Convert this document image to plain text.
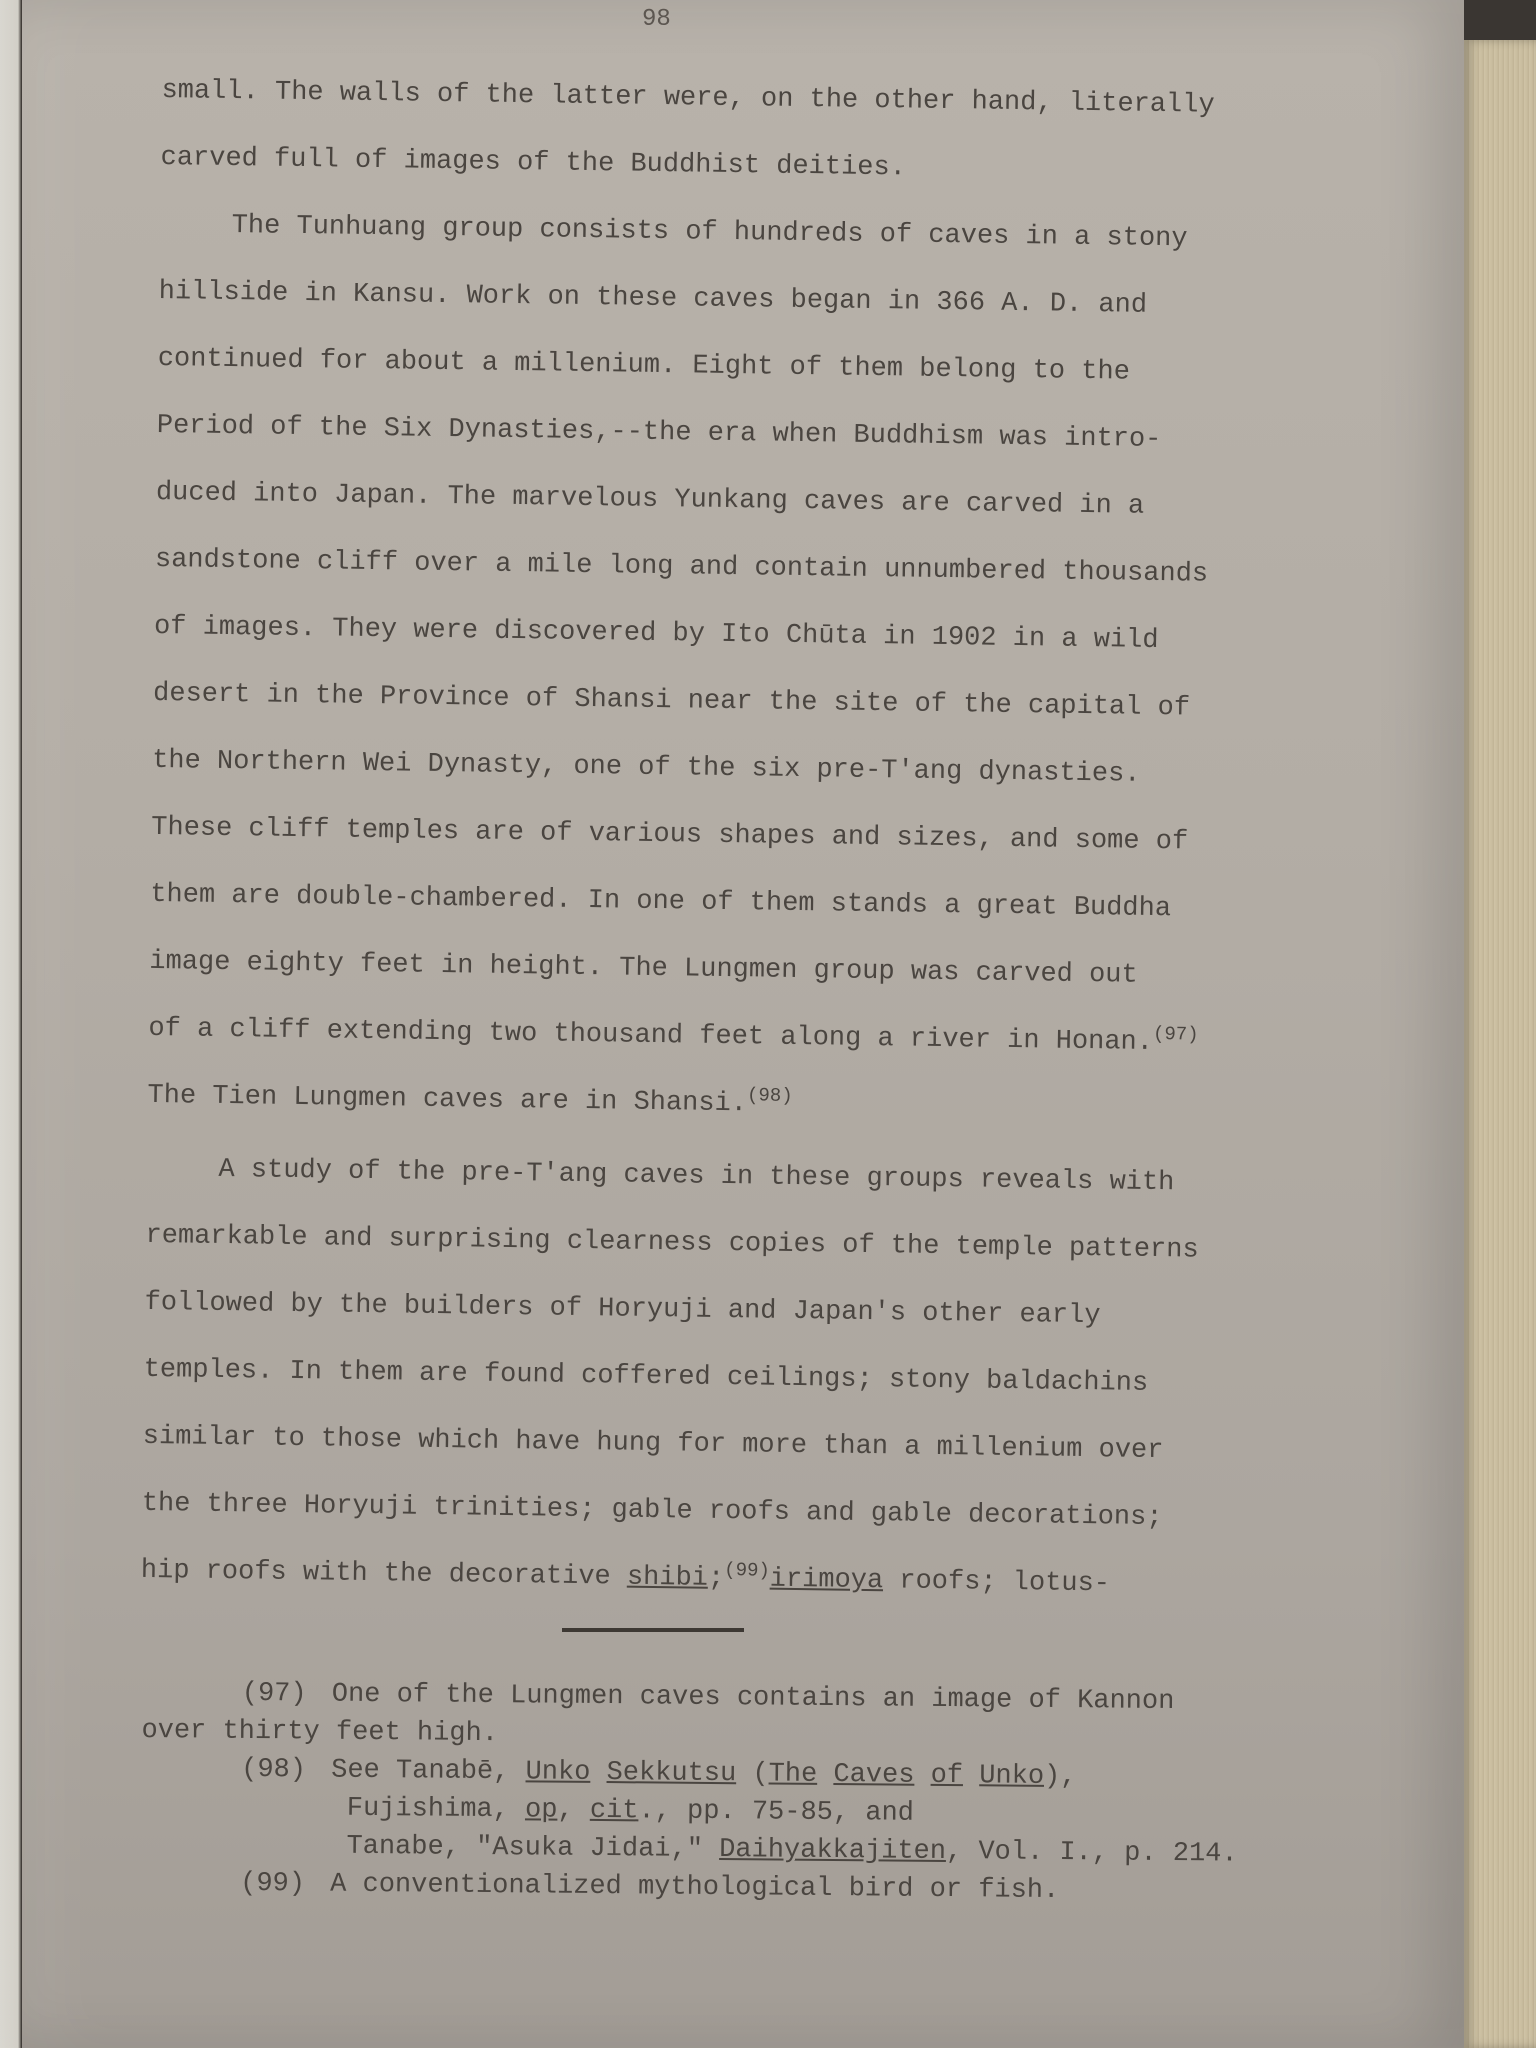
98
small. The walls of the latter were, on the other hand, literally
carved full of images of the Buddhist deities.
The Tunhuang group consists of hundreds of caves in a stony
hillside in Kansu. Work on these caves began in 366 A. D. and
continued for about a millenium. Eight of them belong to the
Period of the Six Dynasties,--the era when Buddhism was intro-
duced into Japan. The marvelous Yunkang caves are carved in a
sandstone cliff over a mile long and contain unnumbered thousands
of images. They were discovered by Ito Chūta in 1902 in a wild
desert in the Province of Shansi near the site of the capital of
the Northern Wei Dynasty, one of the six pre-T'ang dynasties.
These cliff temples are of various shapes and sizes, and some of
them are double-chambered. In one of them stands a great Buddha
image eighty feet in height. The Lungmen group was carved out
of a cliff extending two thousand feet along a river in Honan.$^{(97)}$
The Tien Lungmen caves are in Shansi.$^{(98)}$
A study of the pre-T'ang caves in these groups reveals with
remarkable and surprising clearness copies of the temple patterns
followed by the builders of Horyuji and Japan's other early
temples. In them are found coffered ceilings; stony baldachins
similar to those which have hung for more than a millenium over
the three Horyuji trinities; gable roofs and gable decorations;
hip roofs with the decorative shibi;$^{(99)}$irimoya roofs; lotus-
(97) One of the Lungmen caves contains an image of Kannon
over thirty feet high.
(98) See Tanabē, Unko Sekkutsu (The Caves of Unko),
Fujishima, op, cit., pp. 75-85, and
Tanabe, "Asuka Jidai," Daihyakkajiten, Vol. I., p. 214.
(99) A conventionalized mythological bird or fish.
